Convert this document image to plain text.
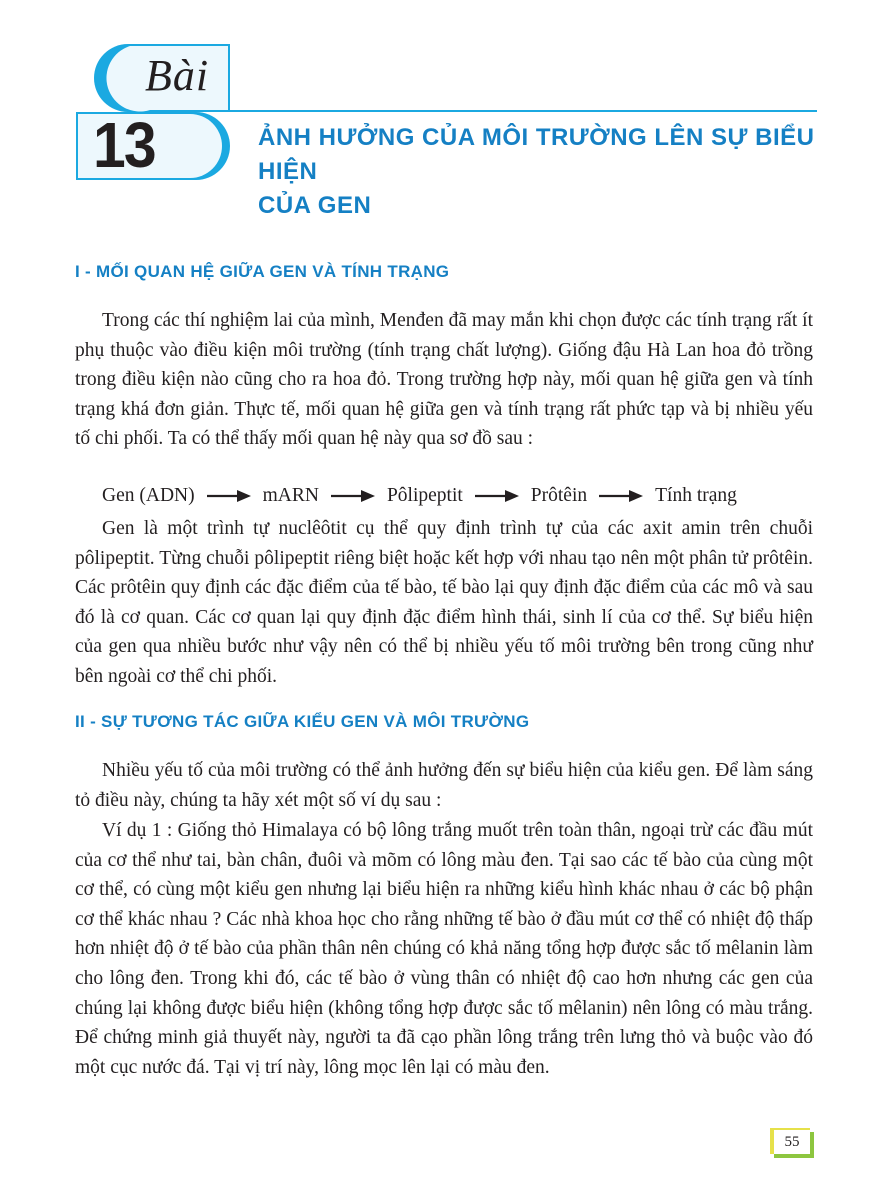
Bài
13	ẢNH HƯỞNG CỦA MÔI TRƯỜNG LÊN SỰ BIỂU HIỆN
CỦA GEN
I - MỐI QUAN HỆ GIỮA GEN VÀ TÍNH TRẠNG

Trong các thí nghiệm lai của mình, Menđen đã may mắn khi chọn được các tính trạng rất ít phụ thuộc vào điều kiện môi trường (tính trạng chất lượng). Giống đậu Hà Lan hoa đỏ trồng trong điều kiện nào cũng cho ra hoa đỏ. Trong trường hợp này, mối quan hệ giữa gen và tính trạng khá đơn giản. Thực tế, mối quan hệ giữa gen và tính trạng rất phức tạp và bị nhiều yếu tố chi phối. Ta có thể thấy mối quan hệ này qua sơ đồ sau :

Gen (ADN)	mARN	Pôlipeptit	Prôtêin	Tính trạng

Gen là một trình tự nuclêôtit cụ thể quy định trình tự của các axit amin trên chuỗi pôlipeptit. Từng chuỗi pôlipeptit riêng biệt hoặc kết hợp với nhau tạo nên một phân tử prôtêin. Các prôtêin quy định các đặc điểm của tế bào, tế bào lại quy định đặc điểm của các mô và sau đó là cơ quan. Các cơ quan lại quy định đặc điểm hình thái, sinh lí của cơ thể. Sự biểu hiện của gen qua nhiều bước như vậy nên có thể bị nhiều yếu tố môi trường bên trong cũng như bên ngoài cơ thể chi phối.

II - SỰ TƯƠNG TÁC GIỮA KIỂU GEN VÀ MÔI TRƯỜNG

Nhiều yếu tố của môi trường có thể ảnh hưởng đến sự biểu hiện của kiểu gen. Để làm sáng tỏ điều này, chúng ta hãy xét một số ví dụ sau :

Ví dụ 1 : Giống thỏ Himalaya có bộ lông trắng muốt trên toàn thân, ngoại trừ các đầu mút của cơ thể như tai, bàn chân, đuôi và mõm có lông màu đen. Tại sao các tế bào của cùng một cơ thể, có cùng một kiểu gen nhưng lại biểu hiện ra những kiểu hình khác nhau ở các bộ phận cơ thể khác nhau ? Các nhà khoa học cho rằng những tế bào ở đầu mút cơ thể có nhiệt độ thấp hơn nhiệt độ ở tế bào của phần thân nên chúng có khả năng tổng hợp được sắc tố mêlanin làm cho lông đen. Trong khi đó, các tế bào ở vùng thân có nhiệt độ cao hơn nhưng các gen của chúng lại không được biểu hiện (không tổng hợp được sắc tố mêlanin) nên lông có màu trắng. Để chứng minh giả thuyết này, người ta đã cạo phần lông trắng trên lưng thỏ và buộc vào đó một cục nước đá. Tại vị trí này, lông mọc lên lại có màu đen.

55
